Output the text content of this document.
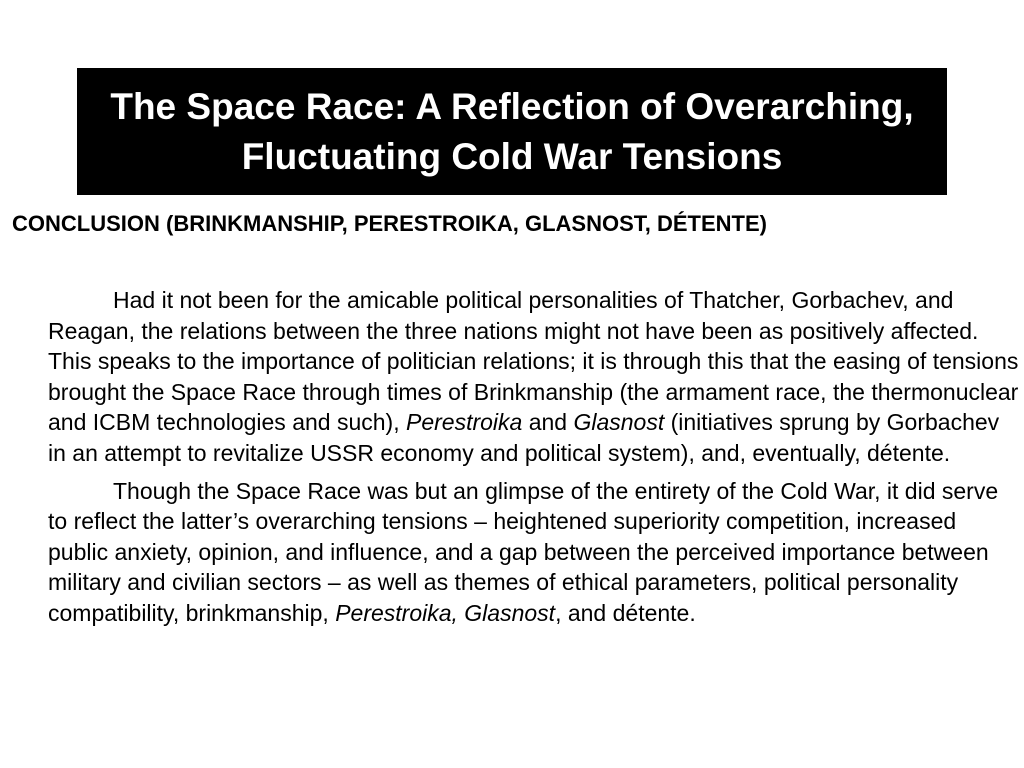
The Space Race: A Reflection of Overarching, Fluctuating Cold War Tensions
CONCLUSION (BRINKMANSHIP, PERESTROIKA, GLASNOST, DÉTENTE)

Had it not been for the amicable political personalities of Thatcher, Gorbachev, and Reagan, the relations between the three nations might not have been as positively affected. This speaks to the importance of politician relations; it is through this that the easing of tensions brought the Space Race through times of Brinkmanship (the armament race, the thermonuclear and ICBM technologies and such), Perestroika and Glasnost (initiatives sprung by Gorbachev in an attempt to revitalize USSR economy and political system), and, eventually, détente.

Though the Space Race was but an glimpse of the entirety of the Cold War, it did serve to reflect the latter’s overarching tensions – heightened superiority competition, increased public anxiety, opinion, and influence, and a gap between the perceived importance between military and civilian sectors – as well as themes of ethical parameters, political personality compatibility, brinkmanship, Perestroika, Glasnost, and détente.
